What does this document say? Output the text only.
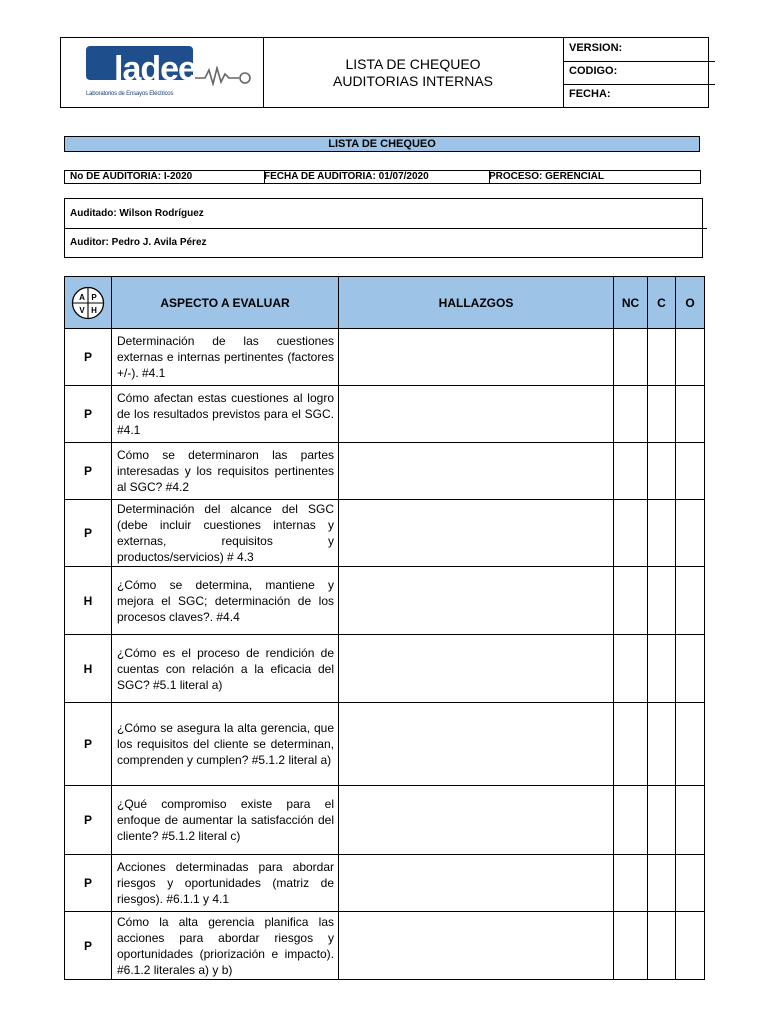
ladee
Laboratorios de Ensayos Eléctricos
LISTA DE CHEQUEO
AUDITORIAS INTERNAS
VERSION:
CODIGO:
FECHA:
LISTA DE CHEQUEO
No DE AUDITORIA: I-2020	FECHA DE AUDITORIA: 01/07/2020	PROCESO: GERENCIAL
Auditado: Wilson Rodríguez
Auditor: Pedro J. Avila Pérez
A P
V H	ASPECTO A EVALUAR	HALLAZGOS	NC	C	O
P	Determinación de las cuestiones externas e internas pertinentes (factores +/-). #4.1				
P	Cómo afectan estas cuestiones al logro de los resultados previstos para el SGC. #4.1				
P	Cómo se determinaron las partes interesadas y los requisitos pertinentes al SGC? #4.2				
P	Determinación del alcance del SGC (debe incluir cuestiones internas y externas, requisitos y productos/servicios) # 4.3				
H	¿Cómo se determina, mantiene y mejora el SGC; determinación de los procesos claves?. #4.4				
H	¿Cómo es el proceso de rendición de cuentas con relación a la eficacia del SGC? #5.1 literal a)				
P	¿Cómo se asegura la alta gerencia, que los requisitos del cliente se determinan, comprenden y cumplen? #5.1.2 literal a)				
P	¿Qué compromiso existe para el enfoque de aumentar la satisfacción del cliente? #5.1.2 literal c)				
P	Acciones determinadas para abordar riesgos y oportunidades (matriz de riesgos). #6.1.1 y 4.1				
P	Cómo la alta gerencia planifica las acciones para abordar riesgos y oportunidades (priorización e impacto). #6.1.2 literales a) y b)				
